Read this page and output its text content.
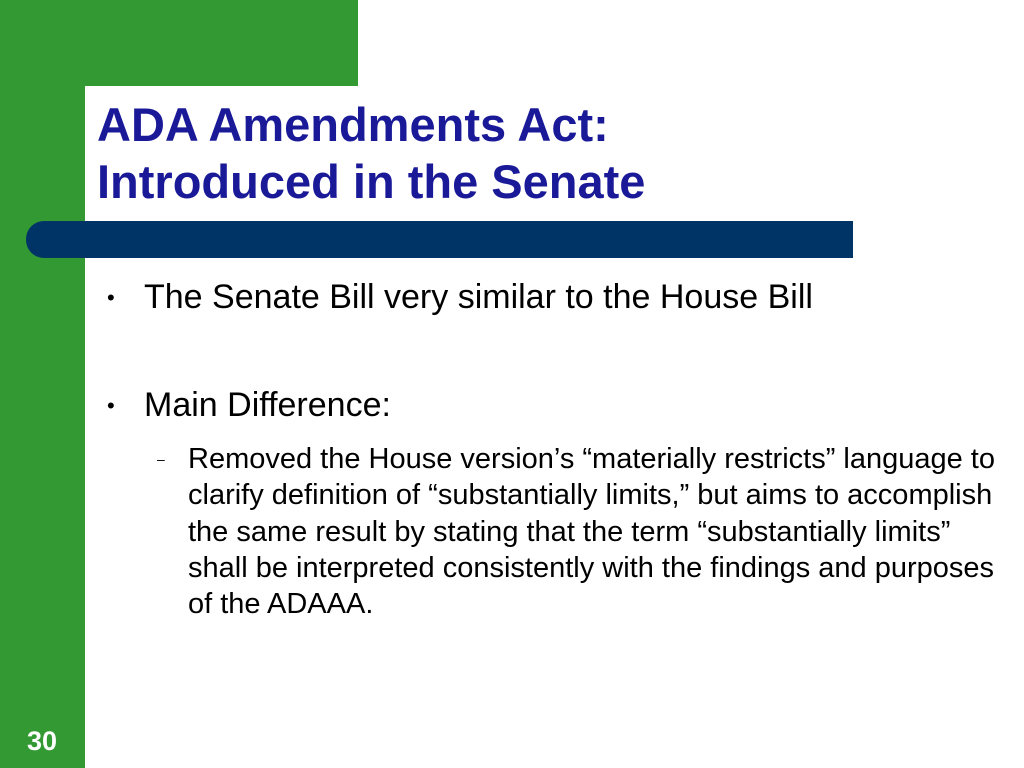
ADA Amendments Act:
Introduced in the Senate
• The Senate Bill very similar to the House Bill
• Main Difference:
– Removed the House version’s “materially restricts” language to clarify definition of “substantially limits,” but aims to accomplish the same result by stating that the term “substantially limits” shall be interpreted consistently with the findings and purposes of the ADAAA.
30
